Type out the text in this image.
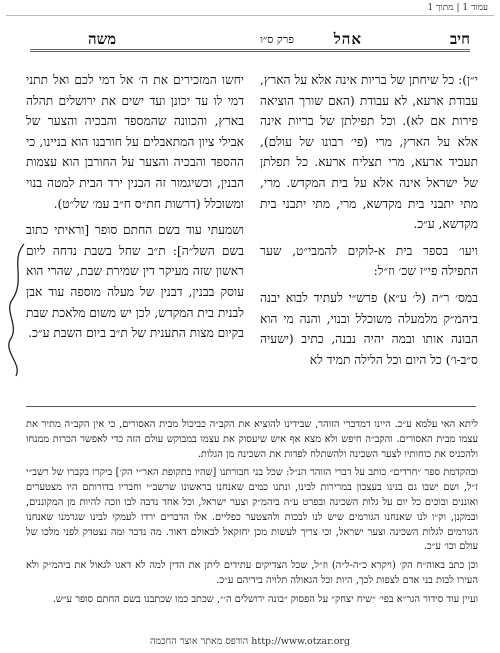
עמוד 1 | מתוך 1
חיב
אהל
פרק ס״ו
משה

י״ן): כל שיחתן של בריות אינה אלא על הארץ, עבודת ארעא, לא עבודת (האם שורך הוציאה פירות אם לא). וכל תפילתן של בריות אינה אלא על הארץ, מרי (פי׳ רבונו של עולם), תעביד ארעא, מרי תצליח ארעא. כל תפלתן של ישראל אינה אלא על בית המקדש. מרי, מתי יתבני בית מקדשא, מרי, מתי יתבני בית מקדשא, ע״כ.

ויעו׳ בספר בית א-לוקים להמבי״ט, שער התפילה פי״ז שכ׳ וז״ל:

במס׳ ר״ה (ל׳ ע״א) פרש״י לעתיד לבוא יבנה ביהמ״ק מלמעלה משוכלל ובנוי, והנה מי הוא הבונה אותו ובמה יהיה נבנה, כתיב (ישעיה ס״ב-ו׳) כל היום וכל הלילה תמיד לא

יחשו המזכירים את ה׳ אל דמי לכם ואל תתני דמי לו עד יכונן ועד ישים את ירושלים תהלה בארץ, והכוונה שהמספד והבכיה והצער של אבילי ציון המתאבלים על חורבנו הוא בניינו, כי ההספד והבכיה והצער על החורבן הוא עצמות הבנין, וכשיגמור זה הבנין ירד הבית למטה בנוי ומשוכלל (דרשות חת״ס ח״ב עמ׳ של״ט).

ושמעתי עוד בשם החתם סופר [וראיתי כתוב בשם השל״ה]: ת״ב שחל בשבת נדחה ליום ראשון שזה מעיקר דין שמירת שבת, שהרי הוא עוסק בבנין, דבנין של מעלה מוספה עוד אבן לבנית בית המקדש, לכן יש משום מלאכת שבת בקיום מצות התענית של ת״ב ביום השבת ע״כ.

ליתא האי עלמא ע״כ. היינו דמדברי הזוהר, שבידינו להוציא את הקב״ה כביכול מבית האסורים, כי אין הקב״ה מתיר את עצמו מבית האסורים. והקב״ה חיפש ולא מצא אף איש שיעסוק את עצמו במבוקש עולם הזה כדי לאפשר הכרות ממנחו ולהכניס את כוחותיו לצער השכינה ולהשתלח לפדות את השכינה מן הגלות.

ובהקדמת ספר ״חרדים״ כותב על דברי הזוהר הנ״ל: שכל בני חבורתנו [שהיו בתקופת האר״י הק׳] ביקרו בקברו של רשב״י ז״ל, ושם ישבו גם בנינו בעצבון במרירות לבינו, ונתנו כמים שאנחנו בראשונו שרשב״י וחבריו בדורותם היו מצטערים ואוננים ובוכים כל יום על גלות השכינה ובפרט ע״ה ביהמ״ק וצער ישראל, וכל אחד נדבה לבו וזכה להיות מן המקוננים, ובמקנן, וק״ו לנו שאנחנו הגורמים שיש לנו לבכות ולהצטער כפליים. אלו הדברים ירדו לעמקי לבינו שגרמנו שאנחנו הגורמים לגלות השכינה וצער ישראל, וכי צריך לעשות מכן יחזקאל לבאולם דאור. מה נדבר ומה נצטדק לפני מלכו של עולם וכו׳ ע״כ.

וכן כתב באוה״ח הק׳ (ויקרא כ״ה-ל״ה) וז״ל, שכל הצדיקים עתידים ליתן את הדין למה לא דאגו לגאול את ביהמ״ק ולא העירו לבות בני אדם לצפות לכך, היות וכל הגאולה תלויה בידיהם ע״כ.

ועיין עוד סידור הגר״א בפי׳ ״שיח יצחק״ על הפסוק ״בונה ירושלים ה׳״, שכתב כמו שכתבנו בשם החתם סופר ע״ש.

הודפס מאתר אוצר החכמה http://www.otzar.org
